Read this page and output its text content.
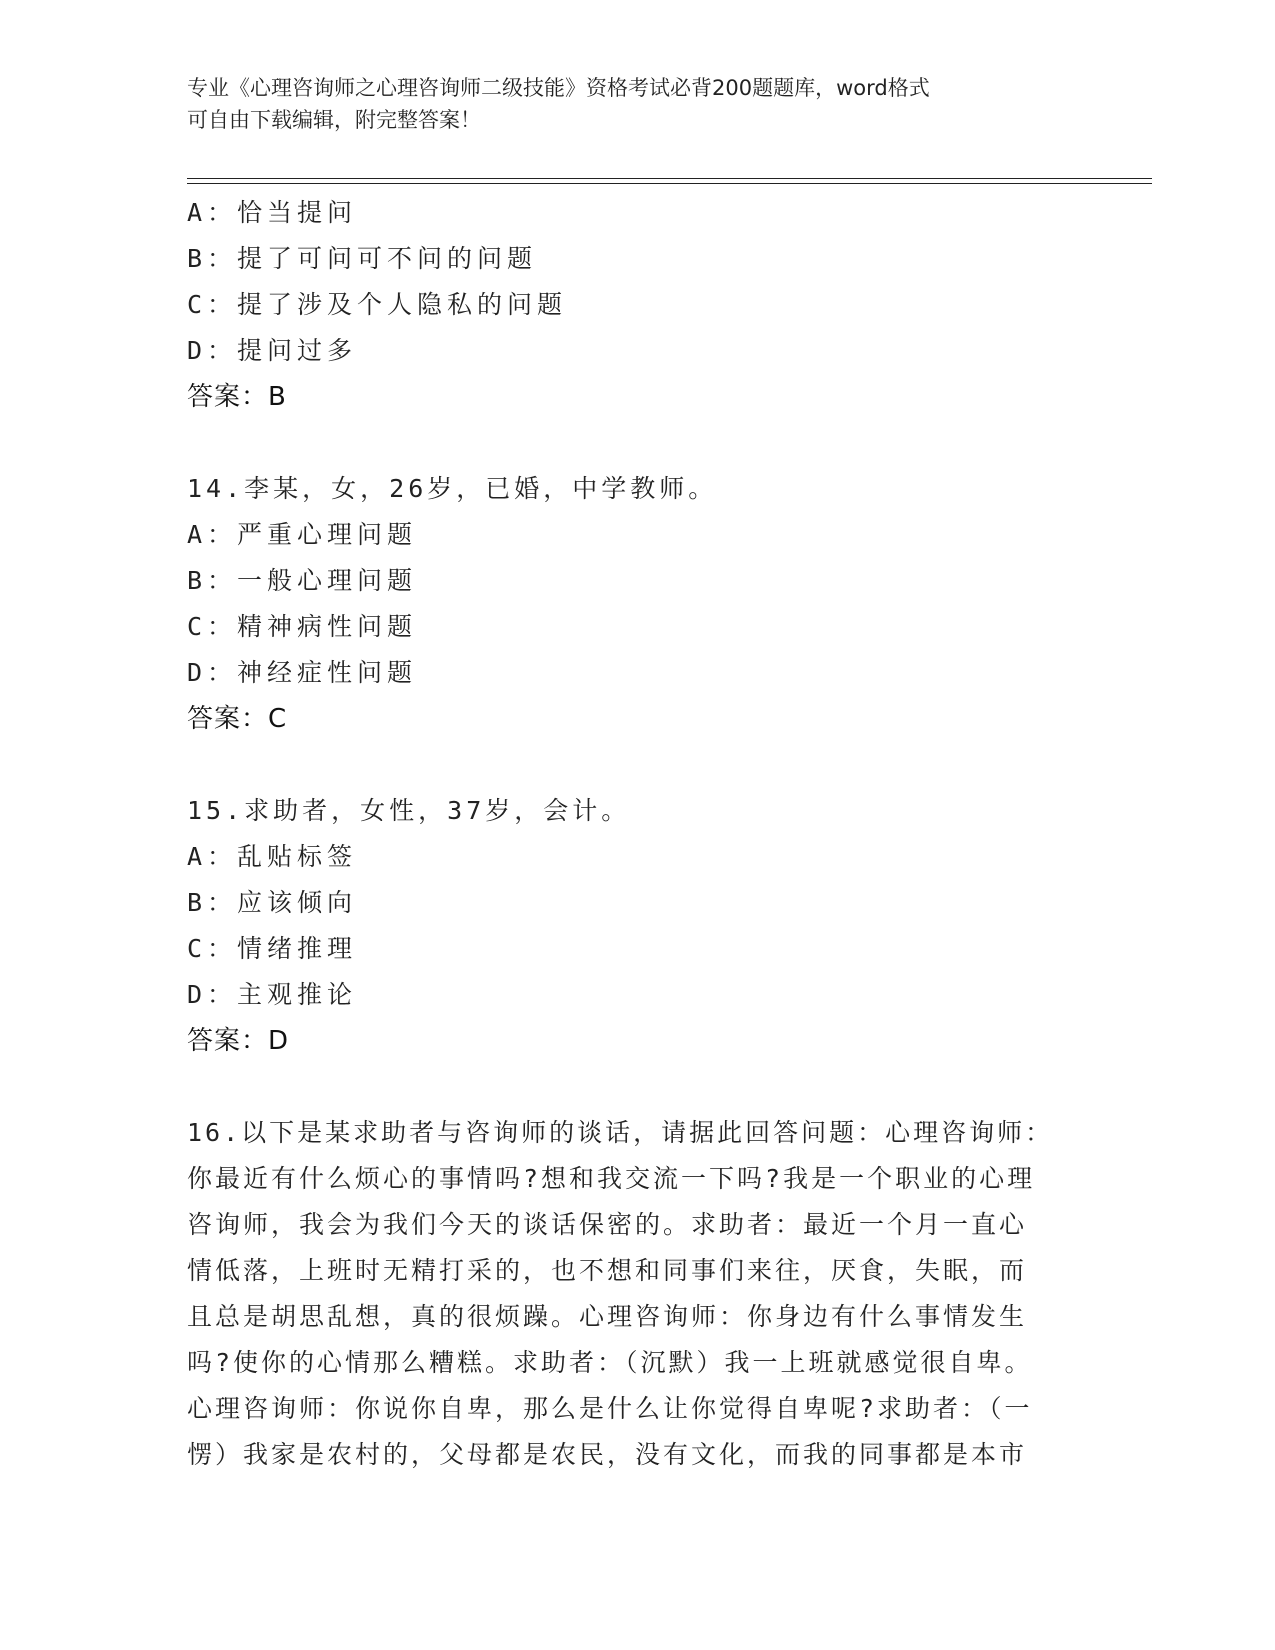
专业《心理咨询师之心理咨询师二级技能》资格考试必背200题题库，word格式

可自由下载编辑，附完整答案！

A：恰当提问

B：提了可问可不问的问题

C：提了涉及个人隐私的问题

D：提问过多

答案：B

14.李某，女，26岁，已婚，中学教师。

A：严重心理问题

B：一般心理问题

C：精神病性问题

D：神经症性问题

答案：C

15.求助者，女性，37岁，会计。

A：乱贴标签

B：应该倾向

C：情绪推理

D：主观推论

答案：D

16.以下是某求助者与咨询师的谈话，请据此回答问题：心理咨询师：
你最近有什么烦心的事情吗?想和我交流一下吗?我是一个职业的心理
咨询师，我会为我们今天的谈话保密的。求助者：最近一个月一直心
情低落，上班时无精打采的，也不想和同事们来往，厌食，失眠，而
且总是胡思乱想，真的很烦躁。心理咨询师：你身边有什么事情发生
吗?使你的心情那么糟糕。求助者：（沉默）我一上班就感觉很自卑。
心理咨询师：你说你自卑，那么是什么让你觉得自卑呢?求助者：（一
愣）我家是农村的，父母都是农民，没有文化，而我的同事都是本市
